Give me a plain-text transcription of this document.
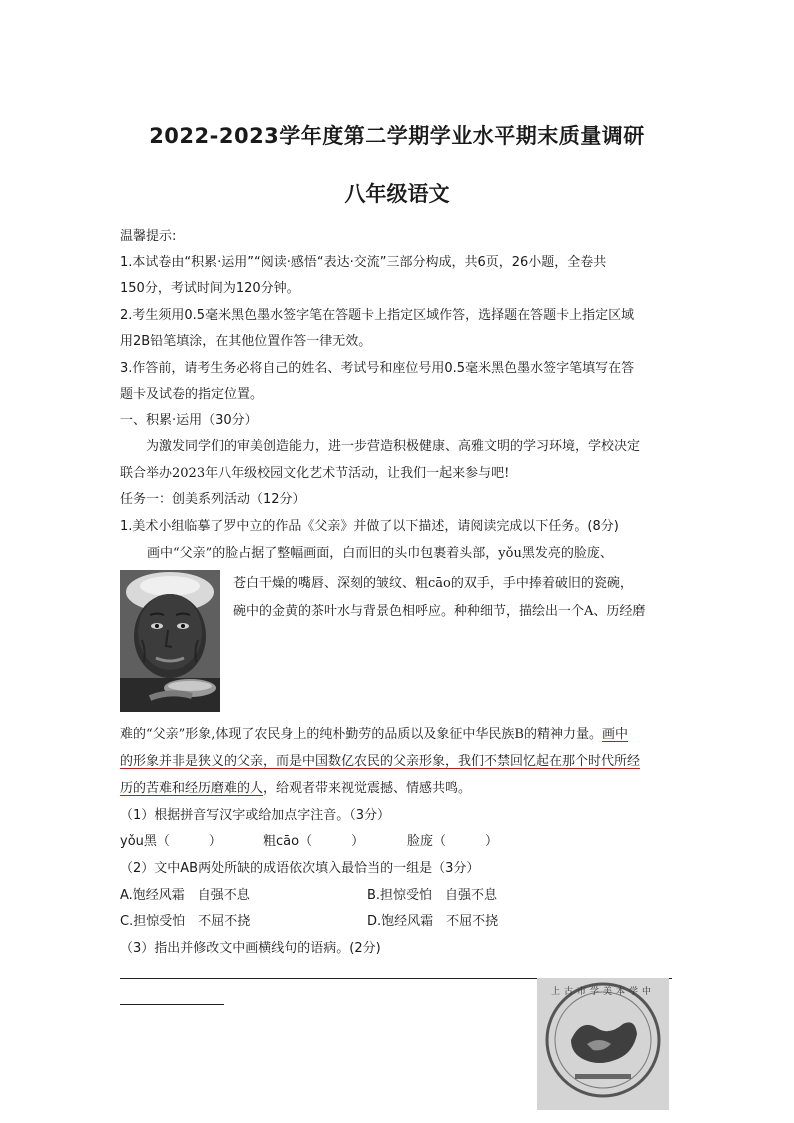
2022-2023学年度第二学期学业水平期末质量调研
八年级语文
温馨提示:
1.本试卷由“积累·运用”“阅读·感悟“表达·交流”三部分构成，共6页，26小题，全卷共
150分，考试时间为120分钟。
2.考生须用0.5毫米黑色墨水签字笔在答题卡上指定区域作答，选择题在答题卡上指定区域
用2B铅笔填涂，在其他位置作答一律无效。
3.作答前，请考生务必将自己的姓名、考试号和座位号用0.5毫米黑色墨水签字笔填写在答
题卡及试卷的指定位置。
一、积累·运用（30分）
为激发同学们的审美创造能力，进一步营造积极健康、高雅文明的学习环境，学校决定
联合举办2023年八年级校园文化艺术节活动，让我们一起来参与吧!
任务一：创美系列活动（12分）
1.美术小组临摹了罗中立的作品《父亲》并做了以下描述，请阅读完成以下任务。(8分)
画中“父亲”的脸占据了整幅画面，白而旧的头巾包裹着头部，yǒu黑发亮的脸庞、
苍白干燥的嘴唇、深刻的皱纹、粗cāo的双手，手中捧着破旧的瓷碗，
碗中的金黄的茶叶水与背景色相呼应。种种细节，描绘出一个A、历经磨
难的“父亲”形象,体现了农民身上的纯朴勤劳的品质以及象征中华民族B的精神力量。画中
的形象并非是狭义的父亲，而是中国数亿农民的父亲形象，我们不禁回忆起在那个时代所经
历的苦难和经历磨难的人，给观者带来视觉震撼、情感共鸣。
（1）根据拼音写汉字或给加点字注音。（3分）
yǒu黑（　　　）	粗cāo（　　　）	脸庞（　　　）
（2）文中AB两处所缺的成语依次填入最恰当的一组是（3分）
A.饱经风霜　自强不息	B.担惊受怕　自强不息
C.担惊受怕　不屈不挠	D.饱经风霜　不屈不挠
（3）指出并修改文中画横线句的语病。(2分)
上古市学美本学中
